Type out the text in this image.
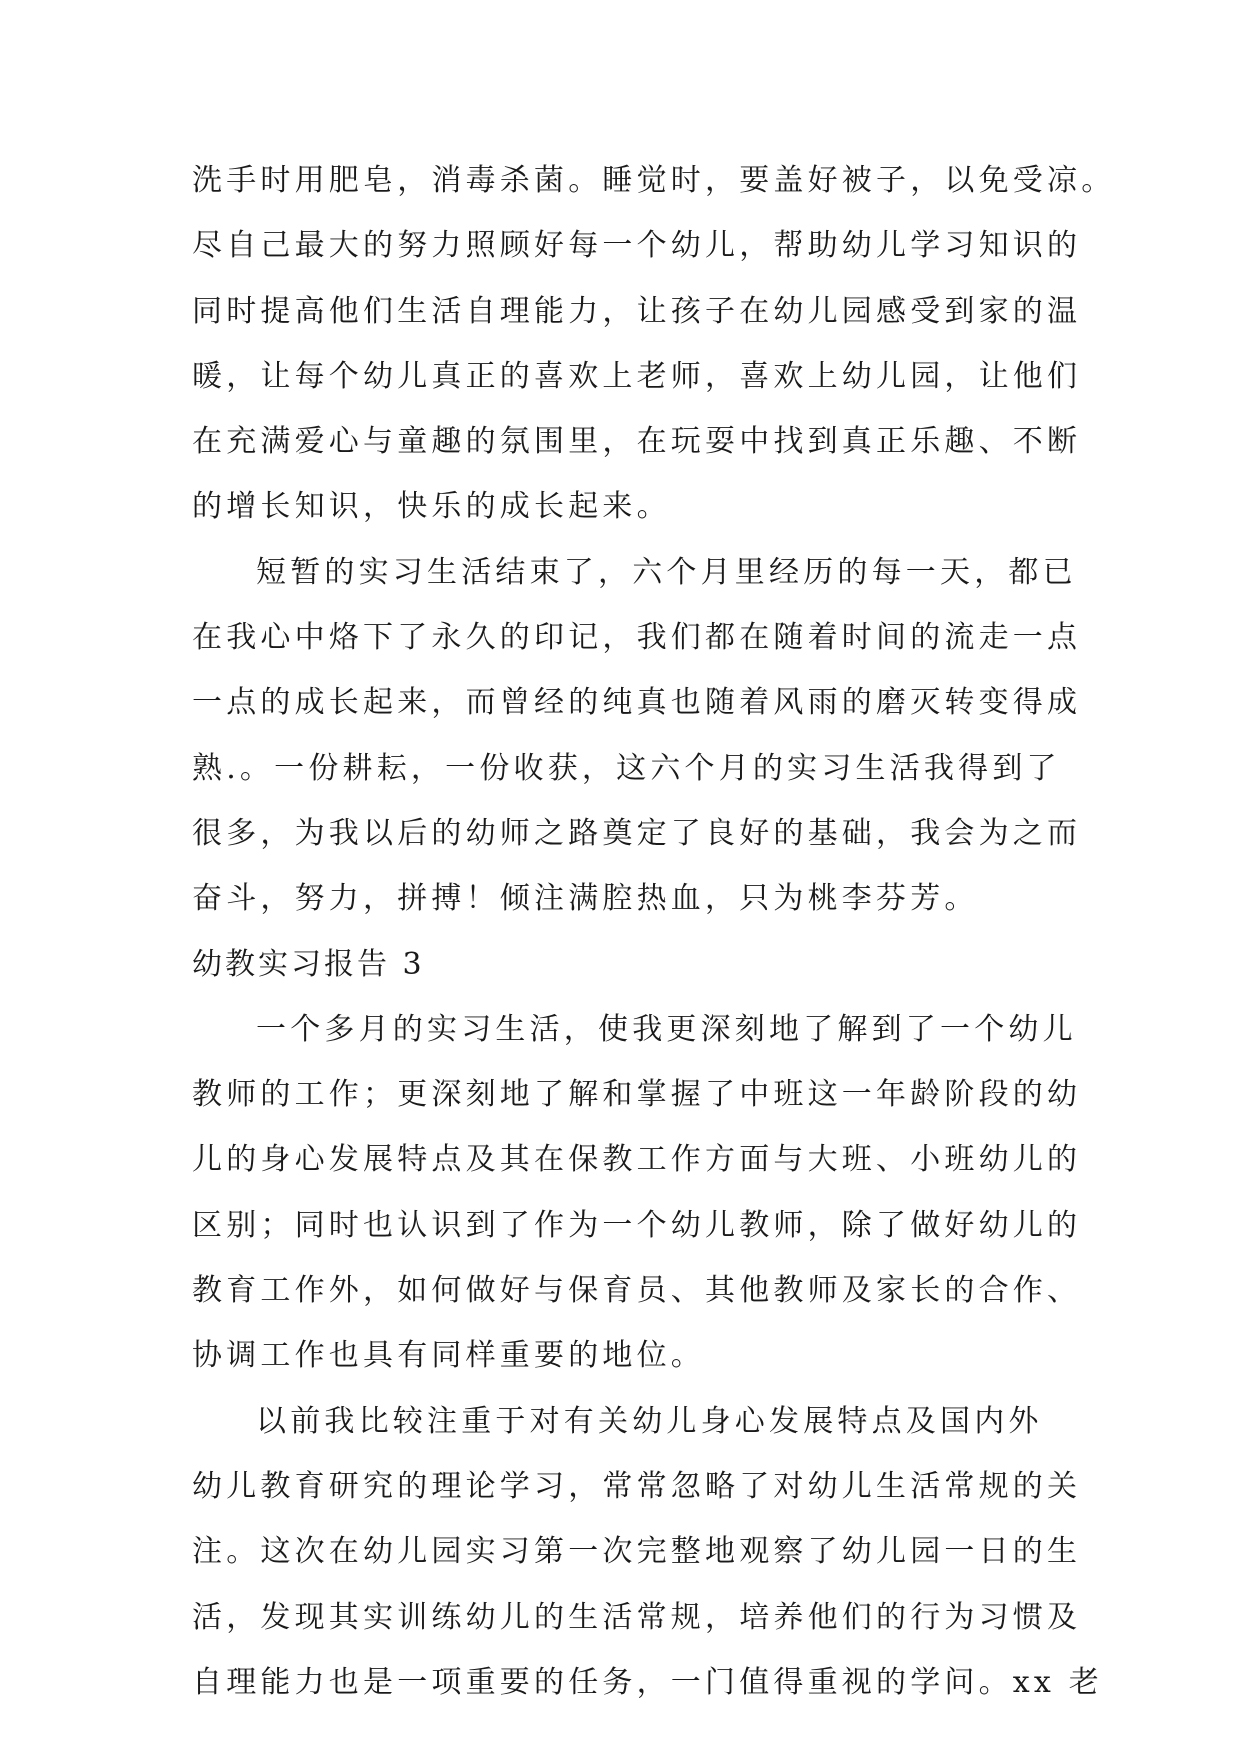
洗手时用肥皂，消毒杀菌。睡觉时，要盖好被子，以免受凉。
尽自己最大的努力照顾好每一个幼儿，帮助幼儿学习知识的
同时提高他们生活自理能力，让孩子在幼儿园感受到家的温
暖，让每个幼儿真正的喜欢上老师，喜欢上幼儿园，让他们
在充满爱心与童趣的氛围里，在玩耍中找到真正乐趣、不断
的增长知识，快乐的成长起来。
短暂的实习生活结束了，六个月里经历的每一天，都已
在我心中烙下了永久的印记，我们都在随着时间的流走一点
一点的成长起来，而曾经的纯真也随着风雨的磨灭转变得成
熟.。一份耕耘，一份收获，这六个月的实习生活我得到了
很多，为我以后的幼师之路奠定了良好的基础，我会为之而
奋斗，努力，拼搏！倾注满腔热血，只为桃李芬芳。
幼教实习报告 3
一个多月的实习生活，使我更深刻地了解到了一个幼儿
教师的工作；更深刻地了解和掌握了中班这一年龄阶段的幼
儿的身心发展特点及其在保教工作方面与大班、小班幼儿的
区别；同时也认识到了作为一个幼儿教师，除了做好幼儿的
教育工作外，如何做好与保育员、其他教师及家长的合作、
协调工作也具有同样重要的地位。
以前我比较注重于对有关幼儿身心发展特点及国内外
幼儿教育研究的理论学习，常常忽略了对幼儿生活常规的关
注。这次在幼儿园实习第一次完整地观察了幼儿园一日的生
活，发现其实训练幼儿的生活常规，培养他们的行为习惯及
自理能力也是一项重要的任务，一门值得重视的学问。xx 老
